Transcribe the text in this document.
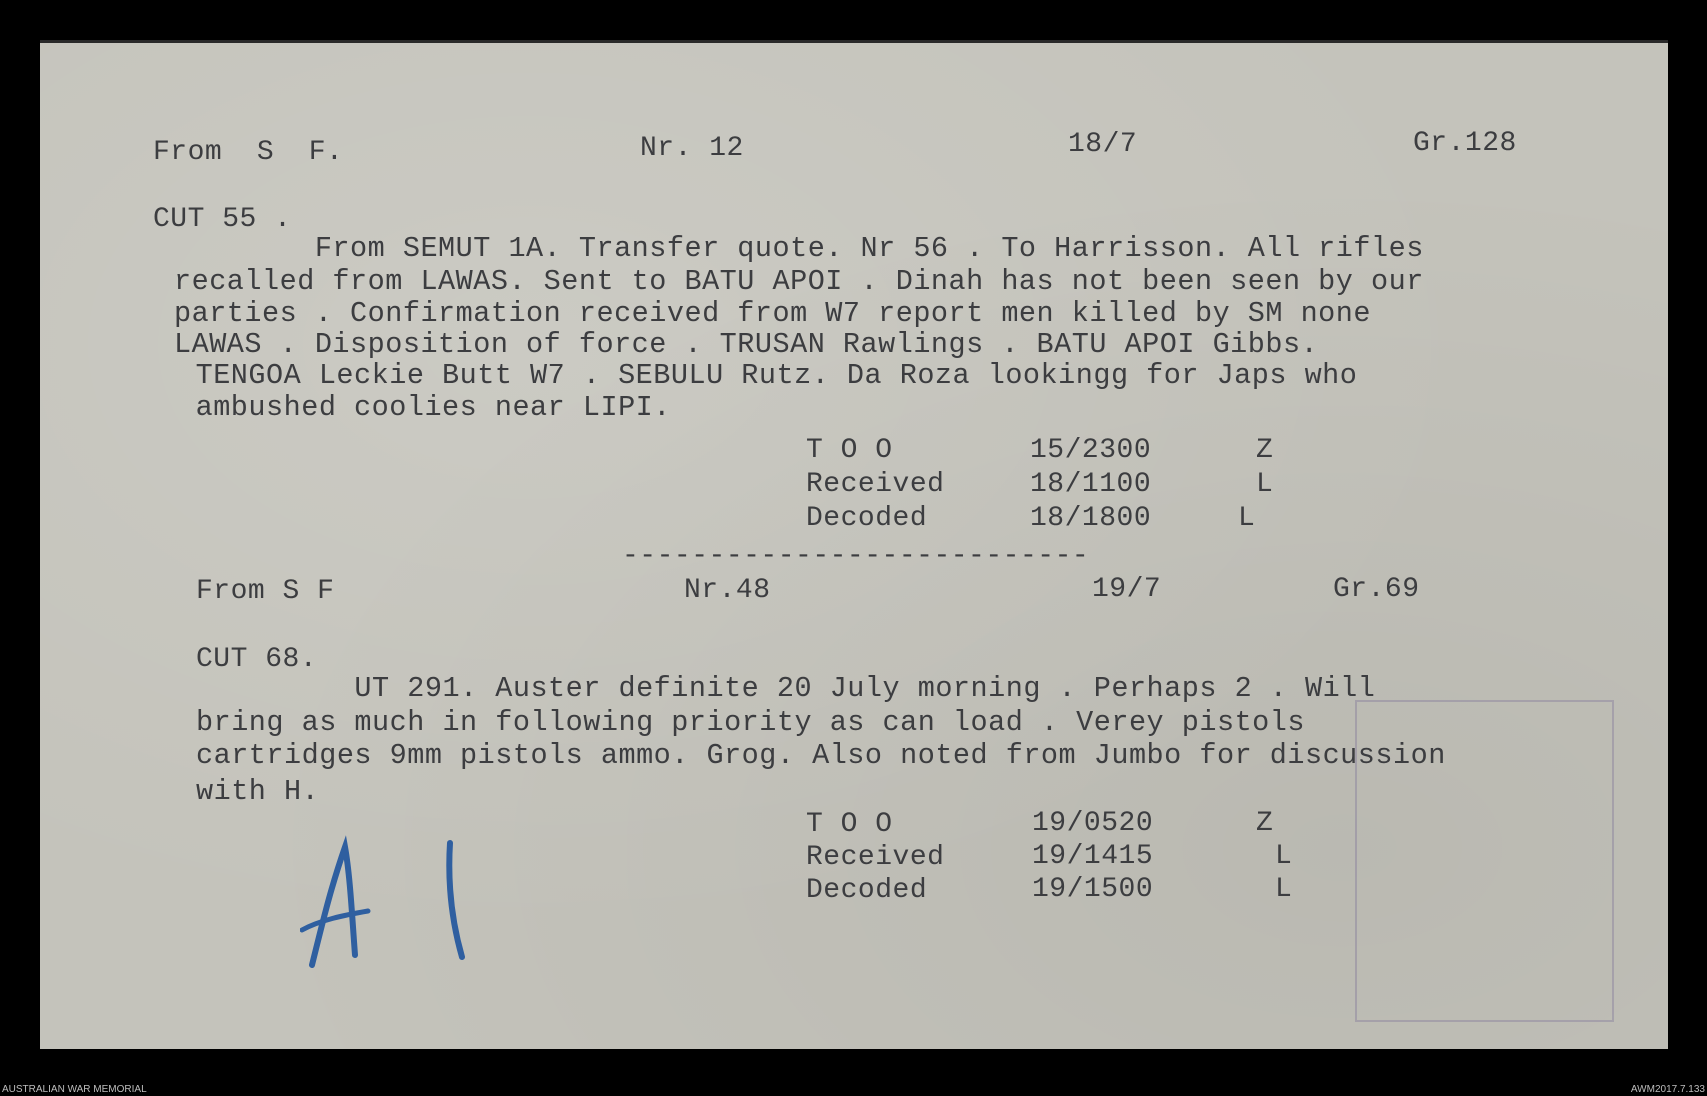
From  S  F.	Nr. 12	18/7	Gr.128
CUT 55 .
From SEMUT 1A. Transfer quote. Nr 56 . To Harrisson. All rifles
recalled from LAWAS. Sent to BATU APOI . Dinah has not been seen by our
parties . Confirmation received from W7 report men killed by SM none
LAWAS . Disposition of force . TRUSAN Rawlings . BATU APOI Gibbs.
TENGOA Leckie Butt W7 . SEBULU Rutz. Da Roza lookingg for Japs who
ambushed coolies near LIPI.
T O O	15/2300	Z
Received	18/1100	L
Decoded	18/1800	L
---------------------------
From S F	Nr.48	19/7	Gr.69
CUT 68.
UT 291. Auster definite 20 July morning . Perhaps 2 . Will
bring as much in following priority as can load . Verey pistols
cartridges 9mm pistols ammo. Grog. Also noted from Jumbo for discussion
with H.
T O O	19/0520	Z
Received	19/1415	L
Decoded	19/1500	L
AUSTRALIAN WAR MEMORIAL	AWM2017.7.133
